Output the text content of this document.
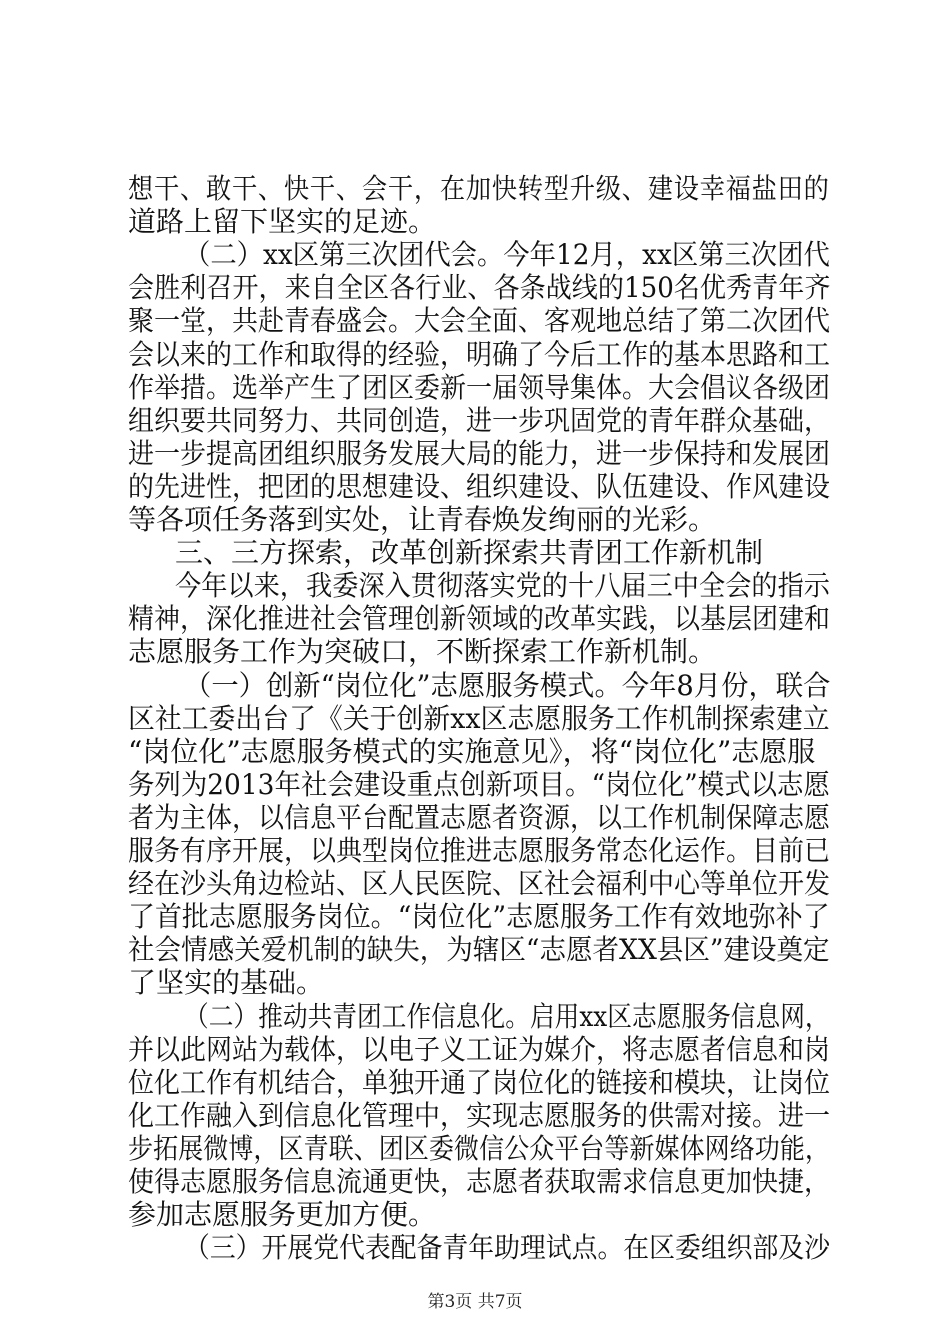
想干、敢干、快干、会干，在加快转型升级、建设幸福盐田的

道路上留下坚实的足迹。

（二）xx区第三次团代会。今年12月，xx区第三次团代

会胜利召开，来自全区各行业、各条战线的150名优秀青年齐

聚一堂，共赴青春盛会。大会全面、客观地总结了第二次团代

会以来的工作和取得的经验，明确了今后工作的基本思路和工

作举措。选举产生了团区委新一届领导集体。大会倡议各级团

组织要共同努力、共同创造，进一步巩固党的青年群众基础，

进一步提高团组织服务发展大局的能力，进一步保持和发展团

的先进性，把团的思想建设、组织建设、队伍建设、作风建设

等各项任务落到实处，让青春焕发绚丽的光彩。

三、三方探索，改革创新探索共青团工作新机制

今年以来，我委深入贯彻落实党的十八届三中全会的指示

精神，深化推进社会管理创新领域的改革实践，以基层团建和

志愿服务工作为突破口，不断探索工作新机制。

（一）创新“岗位化”志愿服务模式。今年8月份，联合

区社工委出台了《关于创新xx区志愿服务工作机制探索建立

“岗位化”志愿服务模式的实施意见》，将“岗位化”志愿服

务列为2013年社会建设重点创新项目。“岗位化”模式以志愿

者为主体，以信息平台配置志愿者资源，以工作机制保障志愿

服务有序开展，以典型岗位推进志愿服务常态化运作。目前已

经在沙头角边检站、区人民医院、区社会福利中心等单位开发

了首批志愿服务岗位。“岗位化”志愿服务工作有效地弥补了

社会情感关爱机制的缺失，为辖区“志愿者XX县区”建设奠定

了坚实的基础。

（二）推动共青团工作信息化。启用xx区志愿服务信息网，

并以此网站为载体，以电子义工证为媒介，将志愿者信息和岗

位化工作有机结合，单独开通了岗位化的链接和模块，让岗位

化工作融入到信息化管理中，实现志愿服务的供需对接。进一

步拓展微博，区青联、团区委微信公众平台等新媒体网络功能，

使得志愿服务信息流通更快，志愿者获取需求信息更加快捷，

参加志愿服务更加方便。

（三）开展党代表配备青年助理试点。在区委组织部及沙

第3页 共7页
